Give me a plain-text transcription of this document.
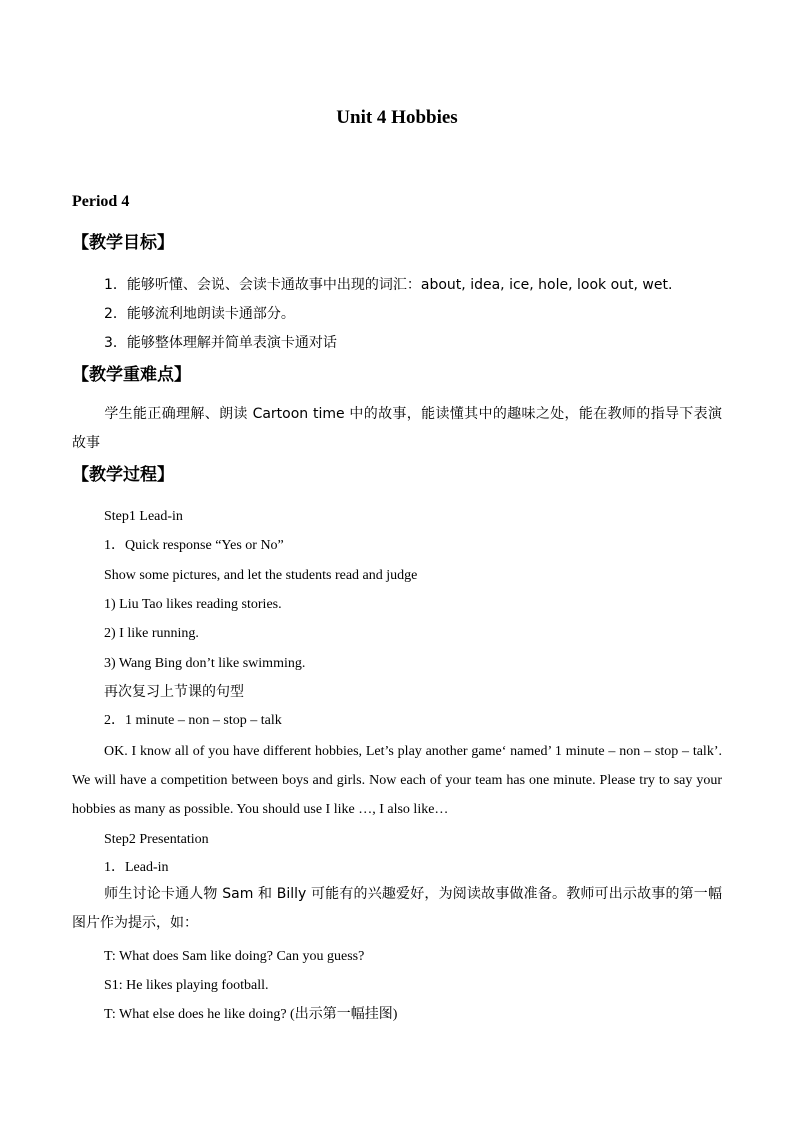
Unit 4 Hobbies
Period 4
【教学目标】
1．能够听懂、会说、会读卡通故事中出现的词汇：about, idea, ice, hole, look out, wet.
2．能够流利地朗读卡通部分。
3．能够整体理解并简单表演卡通对话
【教学重难点】
学生能正确理解、朗读 Cartoon time 中的故事，能读懂其中的趣味之处，能在教师的指导下表演故事
【教学过程】
Step1 Lead-in
1．Quick response “Yes or No”
Show some pictures, and let the students read and judge
1) Liu Tao likes reading stories.
2) I like running.
3) Wang Bing don’t like swimming.
再次复习上节课的句型
2．1 minute – non – stop – talk
OK. I know all of you have different hobbies, Let’s play another game‘ named’ 1 minute – non – stop – talk’. We will have a competition between boys and girls. Now each of your team has one minute. Please try to say your hobbies as many as possible. You should use I like …, I also like…
Step2 Presentation
1．Lead-in
师生讨论卡通人物 Sam 和 Billy 可能有的兴趣爱好，为阅读故事做准备。教师可出示故事的第一幅图片作为提示，如：
T: What does Sam like doing? Can you guess?
S1: He likes playing football.
T: What else does he like doing? (出示第一幅挂图)
